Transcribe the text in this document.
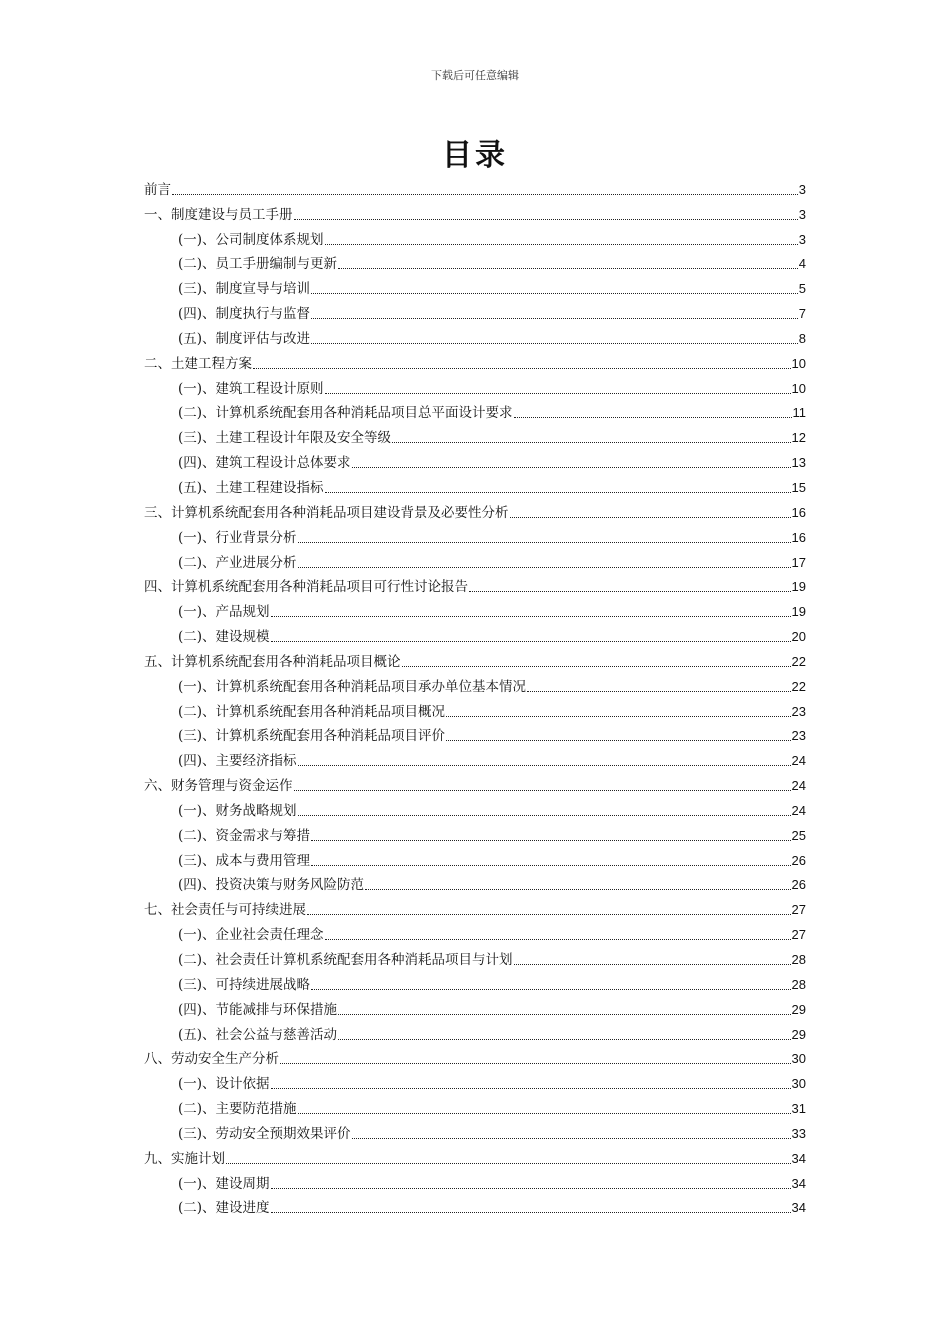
下载后可任意编辑
目录
前言	3
一、制度建设与员工手册	3
(一)、公司制度体系规划	3
(二)、员工手册编制与更新	4
(三)、制度宣导与培训	5
(四)、制度执行与监督	7
(五)、制度评估与改进	8
二、土建工程方案	10
(一)、建筑工程设计原则	10
(二)、计算机系统配套用各种消耗品项目总平面设计要求	11
(三)、土建工程设计年限及安全等级	12
(四)、建筑工程设计总体要求	13
(五)、土建工程建设指标	15
三、计算机系统配套用各种消耗品项目建设背景及必要性分析	16
(一)、行业背景分析	16
(二)、产业进展分析	17
四、计算机系统配套用各种消耗品项目可行性讨论报告	19
(一)、产品规划	19
(二)、建设规模	20
五、计算机系统配套用各种消耗品项目概论	22
(一)、计算机系统配套用各种消耗品项目承办单位基本情况	22
(二)、计算机系统配套用各种消耗品项目概况	23
(三)、计算机系统配套用各种消耗品项目评价	23
(四)、主要经济指标	24
六、财务管理与资金运作	24
(一)、财务战略规划	24
(二)、资金需求与筹措	25
(三)、成本与费用管理	26
(四)、投资决策与财务风险防范	26
七、社会责任与可持续进展	27
(一)、企业社会责任理念	27
(二)、社会责任计算机系统配套用各种消耗品项目与计划	28
(三)、可持续进展战略	28
(四)、节能减排与环保措施	29
(五)、社会公益与慈善活动	29
八、劳动安全生产分析	30
(一)、设计依据	30
(二)、主要防范措施	31
(三)、劳动安全预期效果评价	33
九、实施计划	34
(一)、建设周期	34
(二)、建设进度	34
